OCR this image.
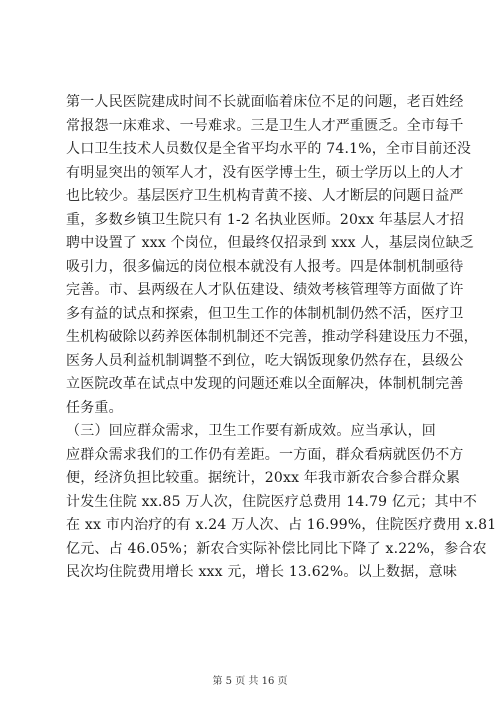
第一人民医院建成时间不长就面临着床位不足的问题，老百姓经
常报怨一床难求、一号难求。三是卫生人才严重匮乏。全市每千
人口卫生技术人员数仅是全省平均水平的 74.1%，全市目前还没
有明显突出的领军人才，没有医学博士生，硕士学历以上的人才
也比较少。基层医疗卫生机构青黄不接、人才断层的问题日益严
重，多数乡镇卫生院只有 1-2 名执业医师。20xx 年基层人才招
聘中设置了 xxx 个岗位，但最终仅招录到 xxx 人，基层岗位缺乏
吸引力，很多偏远的岗位根本就没有人报考。四是体制机制亟待
完善。市、县两级在人才队伍建设、绩效考核管理等方面做了许
多有益的试点和探索，但卫生工作的体制机制仍然不活，医疗卫
生机构破除以药养医体制机制还不完善，推动学科建设压力不强，
医务人员利益机制调整不到位，吃大锅饭现象仍然存在，县级公
立医院改革在试点中发现的问题还难以全面解决，体制机制完善
任务重。
（三）回应群众需求，卫生工作要有新成效。应当承认，回
应群众需求我们的工作仍有差距。一方面，群众看病就医仍不方
便，经济负担比较重。据统计，20xx 年我市新农合参合群众累
计发生住院 xx.85 万人次，住院医疗总费用 14.79 亿元；其中不
在 xx 市内治疗的有 x.24 万人次、占 16.99%，住院医疗费用 x.81
亿元、占 46.05%；新农合实际补偿比同比下降了 x.22%，参合农
民次均住院费用增长 xxx 元，增长 13.62%。以上数据，意味
第 5 页 共 16 页
